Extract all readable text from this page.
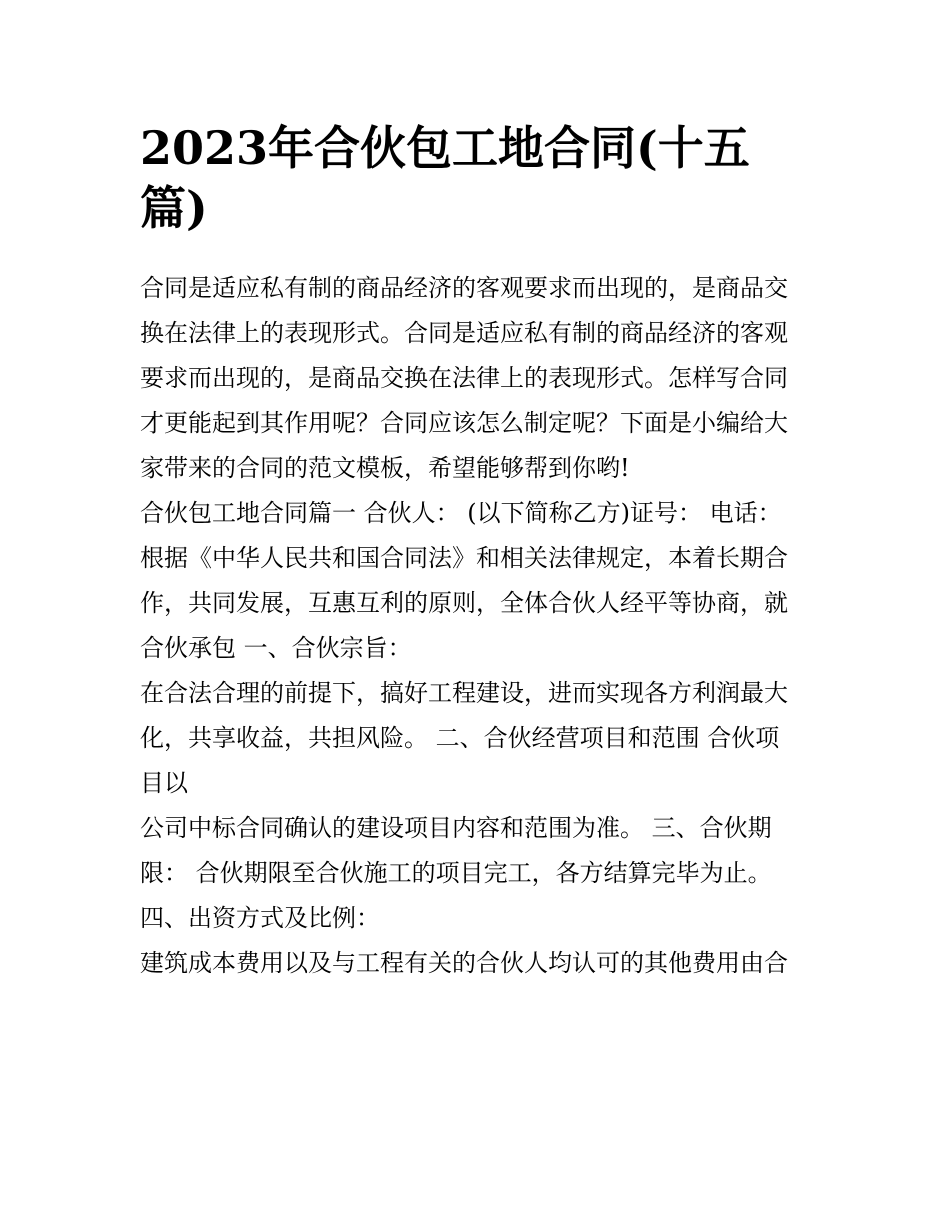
2023年合伙包工地合同(十五
篇)

合同是适应私有制的商品经济的客观要求而出现的，是商品交
换在法律上的表现形式。合同是适应私有制的商品经济的客观
要求而出现的，是商品交换在法律上的表现形式。怎样写合同
才更能起到其作用呢？合同应该怎么制定呢？下面是小编给大
家带来的合同的范文模板，希望能够帮到你哟!

合伙包工地合同篇一 合伙人： (以下简称乙方)证号： 电话：
根据《中华人民共和国合同法》和相关法律规定，本着长期合
作，共同发展，互惠互利的原则，全体合伙人经平等协商，就
合伙承包 一、合伙宗旨：

在合法合理的前提下，搞好工程建设，进而实现各方利润最大
化，共享收益，共担风险。 二、合伙经营项目和范围 合伙项
目以

公司中标合同确认的建设项目内容和范围为准。 三、合伙期
限： 合伙期限至合伙施工的项目完工，各方结算完毕为止。
四、出资方式及比例：

建筑成本费用以及与工程有关的合伙人均认可的其他费用由合
